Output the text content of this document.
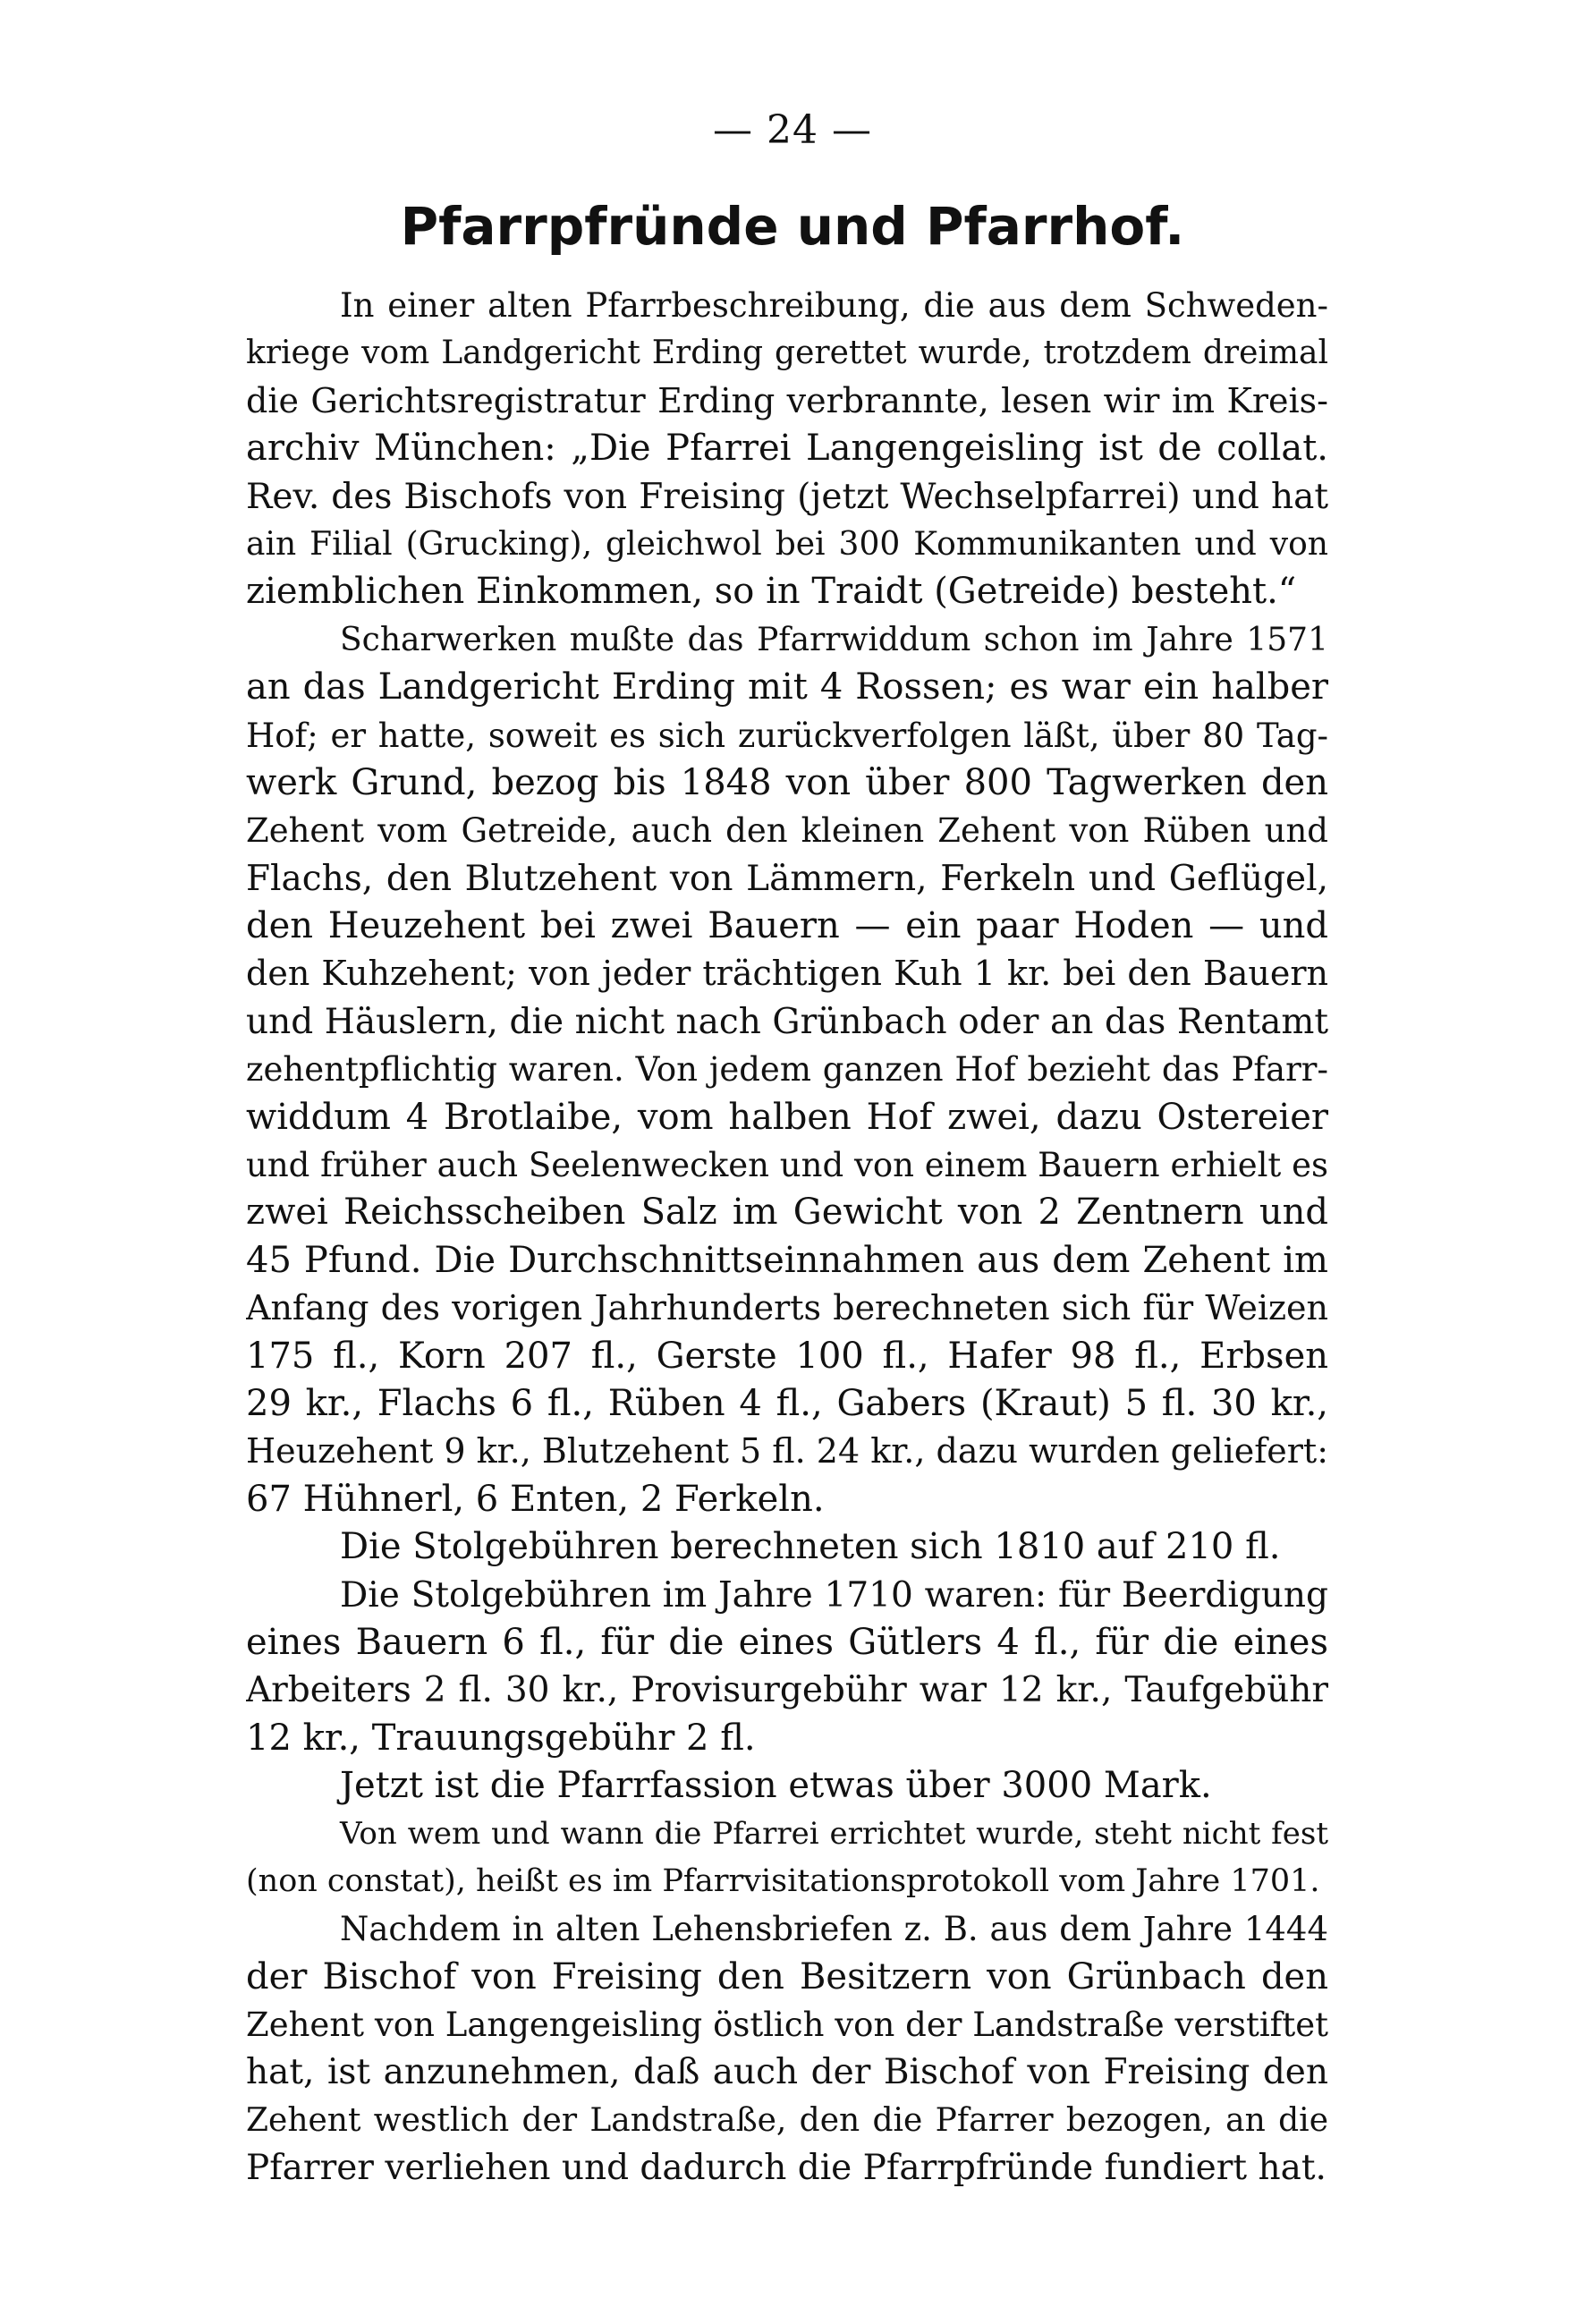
— 24 —
Pfarrpfründe und Pfarrhof.
In einer alten Pfarrbeschreibung, die aus dem Schweden-
kriege vom Landgericht Erding gerettet wurde, trotzdem dreimal
die Gerichtsregistratur Erding verbrannte, lesen wir im Kreis-
archiv München: „Die Pfarrei Langengeisling ist de collat.
Rev. des Bischofs von Freising (jetzt Wechselpfarrei) und hat
ain Filial (Grucking), gleichwol bei 300 Kommunikanten und von
ziemblichen Einkommen, so in Traidt (Getreide) besteht.“
Scharwerken mußte das Pfarrwiddum schon im Jahre 1571
an das Landgericht Erding mit 4 Rossen; es war ein halber
Hof; er hatte, soweit es sich zurückverfolgen läßt, über 80 Tag-
werk Grund, bezog bis 1848 von über 800 Tagwerken den
Zehent vom Getreide, auch den kleinen Zehent von Rüben und
Flachs, den Blutzehent von Lämmern, Ferkeln und Geflügel,
den Heuzehent bei zwei Bauern — ein paar Hoden — und
den Kuhzehent; von jeder trächtigen Kuh 1 kr. bei den Bauern
und Häuslern, die nicht nach Grünbach oder an das Rentamt
zehentpflichtig waren. Von jedem ganzen Hof bezieht das Pfarr-
widdum 4 Brotlaibe, vom halben Hof zwei, dazu Ostereier
und früher auch Seelenwecken und von einem Bauern erhielt es
zwei Reichsscheiben Salz im Gewicht von 2 Zentnern und
45 Pfund. Die Durchschnittseinnahmen aus dem Zehent im
Anfang des vorigen Jahrhunderts berechneten sich für Weizen
175 fl., Korn 207 fl., Gerste 100 fl., Hafer 98 fl., Erbsen
29 kr., Flachs 6 fl., Rüben 4 fl., Gabers (Kraut) 5 fl. 30 kr.,
Heuzehent 9 kr., Blutzehent 5 fl. 24 kr., dazu wurden geliefert:
67 Hühnerl, 6 Enten, 2 Ferkeln.
Die Stolgebühren berechneten sich 1810 auf 210 fl.
Die Stolgebühren im Jahre 1710 waren: für Beerdigung
eines Bauern 6 fl., für die eines Gütlers 4 fl., für die eines
Arbeiters 2 fl. 30 kr., Provisurgebühr war 12 kr., Taufgebühr
12 kr., Trauungsgebühr 2 fl.
Jetzt ist die Pfarrfassion etwas über 3000 Mark.
Von wem und wann die Pfarrei errichtet wurde, steht nicht fest
(non constat), heißt es im Pfarrvisitationsprotokoll vom Jahre 1701.
Nachdem in alten Lehensbriefen z. B. aus dem Jahre 1444
der Bischof von Freising den Besitzern von Grünbach den
Zehent von Langengeisling östlich von der Landstraße verstiftet
hat, ist anzunehmen, daß auch der Bischof von Freising den
Zehent westlich der Landstraße, den die Pfarrer bezogen, an die
Pfarrer verliehen und dadurch die Pfarrpfründe fundiert hat.
